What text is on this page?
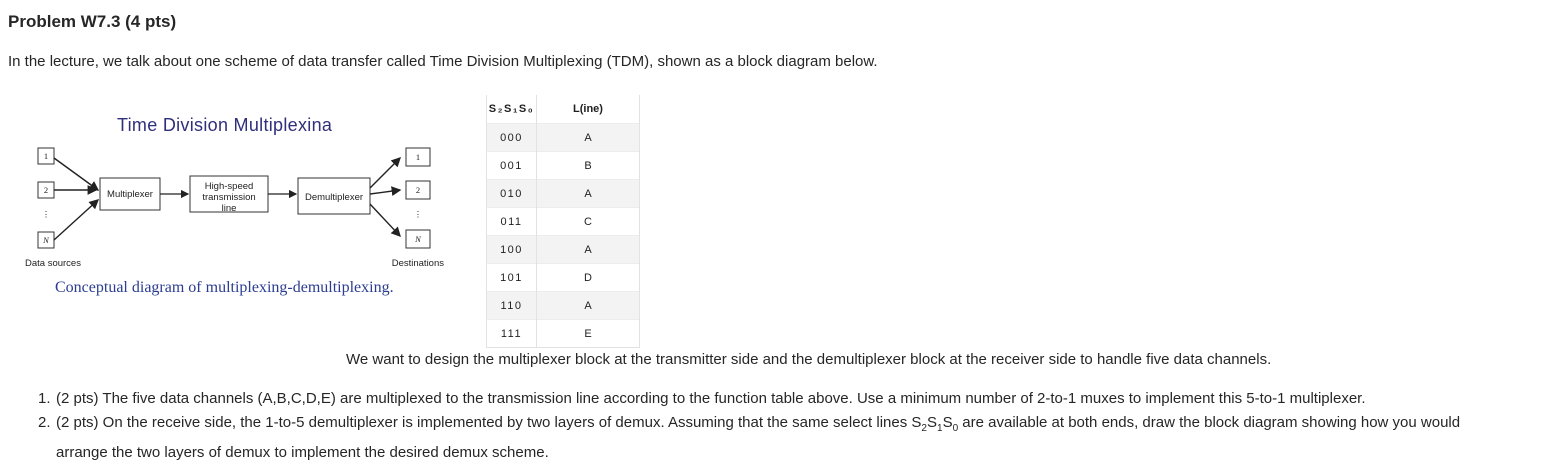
Problem W7.3 (4 pts)
In the lecture, we talk about one scheme of data transfer called Time Division Multiplexing (TDM), shown as a block diagram below.
Time Division Multiplexina
1
2
⋮
N
Multiplexer
High-speed
transmission
line
Demultiplexer
1
2
⋮
N
Data sources	Destinations
Conceptual diagram of multiplexing-demultiplexing.
S₂S₁S₀	L(ine)
000	A
001	B
010	A
011	C
100	A
101	D
110	A
111	E
We want to design the multiplexer block at the transmitter side and the demultiplexer block at the receiver side to handle five data channels.
1. (2 pts) The five data channels (A,B,C,D,E) are multiplexed to the transmission line according to the function table above. Use a minimum number of 2-to-1 muxes to implement this 5-to-1 multiplexer.
2. (2 pts) On the receive side, the 1-to-5 demultiplexer is implemented by two layers of demux. Assuming that the same select lines $S_2S_1S_0$ are available at both ends, draw the block diagram showing how you would
arrange the two layers of demux to implement the desired demux scheme.
